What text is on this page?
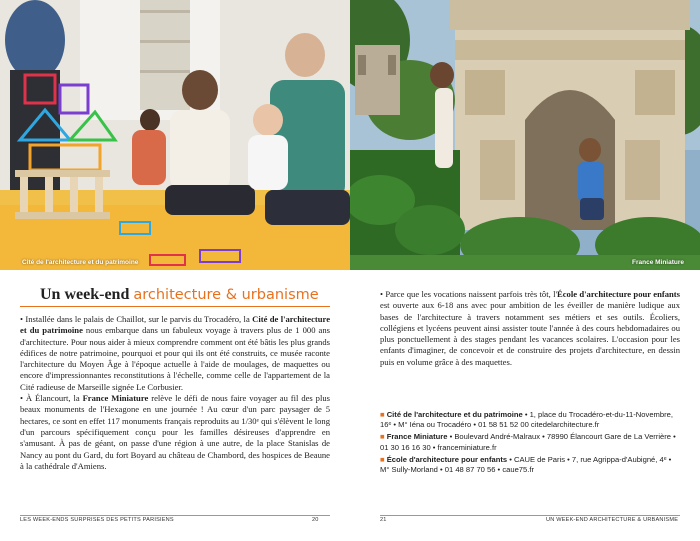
Cité de l'architecture et du patrimoine
Un week-end architecture & urbanisme

• Installée dans le palais de Chaillot, sur le parvis du Trocadéro, la Cité de l'architecture et du patrimoine nous embarque dans un fabuleux voyage à travers plus de 1 000 ans d'architecture. Pour nous aider à mieux comprendre comment ont été bâtis les plus grands édifices de notre patrimoine, pourquoi et pour qui ils ont été construits, ce musée raconte l'architecture du Moyen Âge à l'époque actuelle à l'aide de moulages, de maquettes ou encore d'impressionnantes reconstitutions à l'échelle, comme celle de l'appartement de la Cité radieuse de Marseille signée Le Corbusier.

• À Élancourt, la France Miniature relève le défi de nous faire voyager au fil des plus beaux monuments de l'Hexagone en une journée ! Au cœur d'un parc paysager de 5 hectares, ce sont en effet 117 monuments français reproduits au 1/30ᵉ qui s'élèvent le long d'un parcours spécifiquement conçu pour les familles désireuses d'apprendre en s'amusant. À pas de géant, on passe d'une région à une autre, de la place Stanislas de Nancy au pont du Gard, du fort Boyard au château de Chambord, des hospices de Beaune à la cathédrale d'Amiens.

LES WEEK-ENDS SURPRISES DES PETITS PARISIENS	20
France Miniature

• Parce que les vocations naissent parfois très tôt, l'École d'architecture pour enfants est ouverte aux 6-18 ans avec pour ambition de les éveiller de manière ludique aux bases de l'architecture à travers notamment ses métiers et ses outils. Écoliers, collégiens et lycéens peuvent ainsi assister toute l'année à des cours hebdomadaires ou plus ponctuellement à des stages pendant les vacances scolaires. L'occasion pour les enfants d'imaginer, de concevoir et de construire des projets d'architecture, en dessin puis en volume grâce à des maquettes.

■ Cité de l'architecture et du patrimoine • 1, place du Trocadéro-et-du-11-Novembre, 16ᵉ • M° Iéna ou Trocadéro • 01 58 51 52 00 citedelarchitecture.fr
■ France Miniature • Boulevard André-Malraux • 78990 Élancourt Gare de La Verrière • 01 30 16 16 30 • franceminiature.fr
■ École d'architecture pour enfants • CAUE de Paris • 7, rue Agrippa-d'Aubigné, 4ᵉ • M° Sully-Morland • 01 48 87 70 56 • caue75.fr
21	UN WEEK-END ARCHITECTURE & URBANISME
